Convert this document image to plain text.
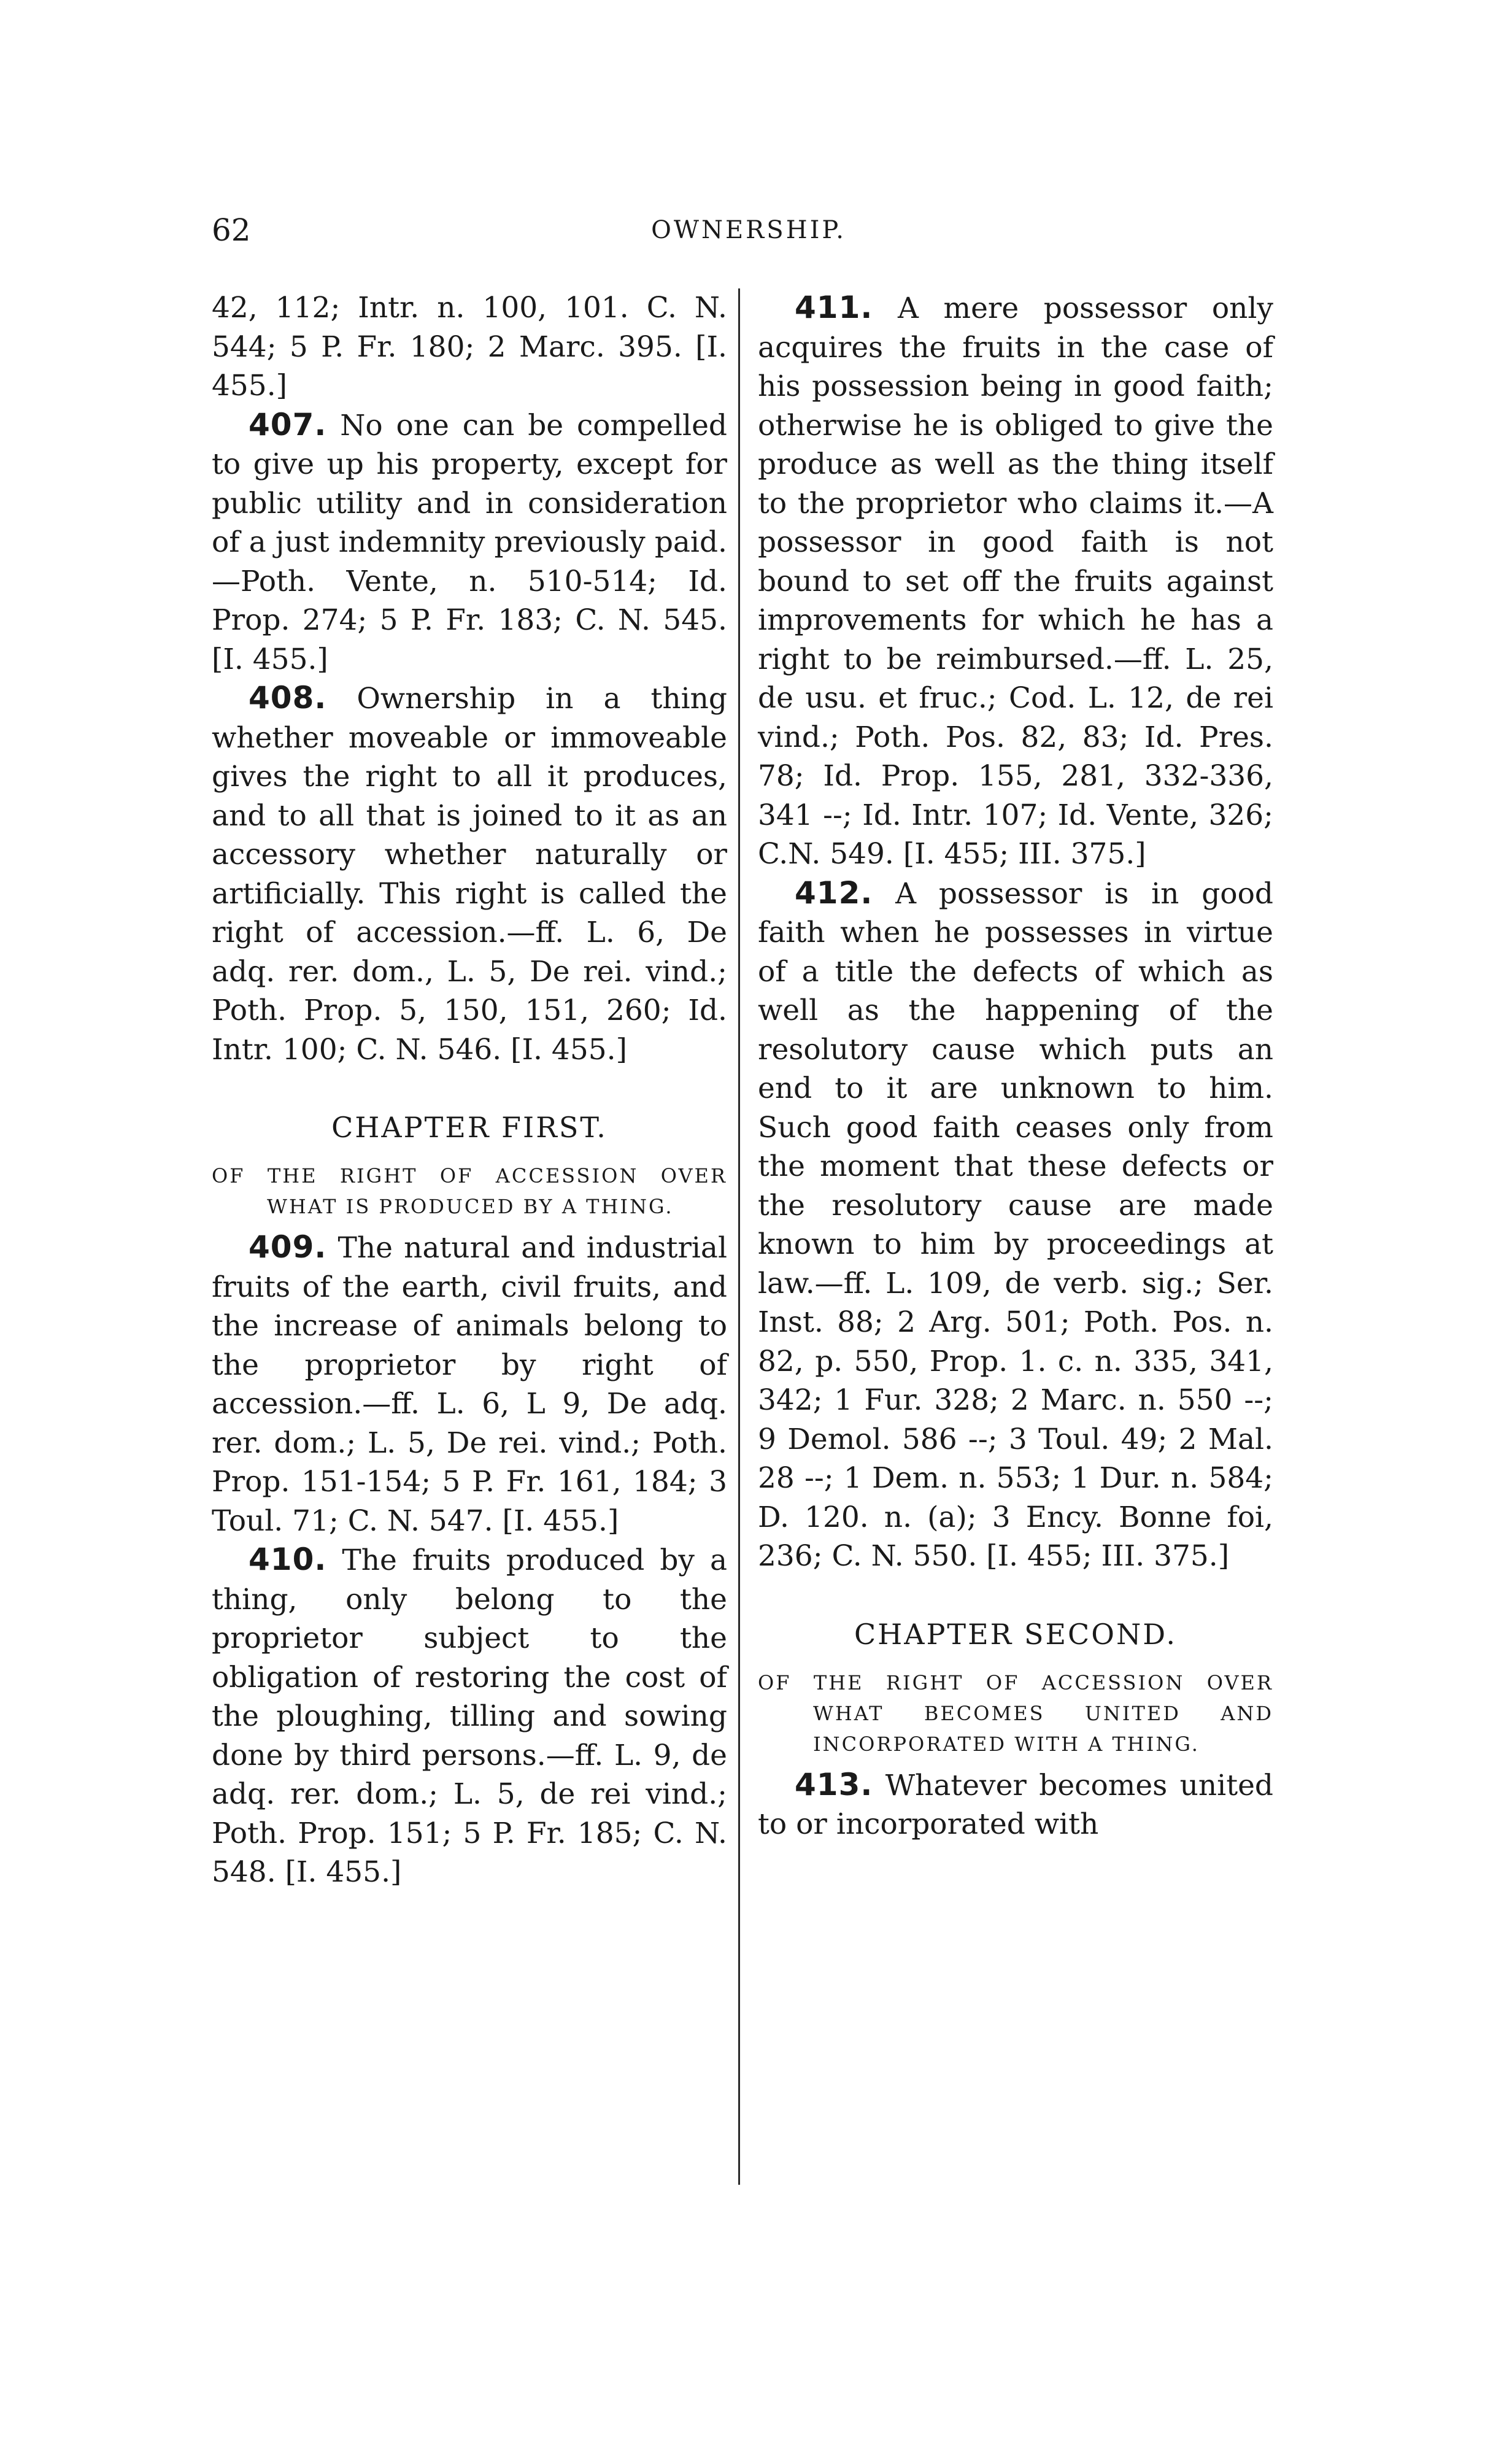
62	OWNERSHIP.

42, 112; Intr. n. 100, 101. C. N. 544; 5 P. Fr. 180; 2 Marc. 395. [I. 455.]

407. No one can be compelled to give up his property, except for public utility and in consideration of a just indemnity previously paid.—Poth. Vente, n. 510-514; Id. Prop. 274; 5 P. Fr. 183; C. N. 545. [I. 455.]

408. Ownership in a thing whether moveable or immoveable gives the right to all it produces, and to all that is joined to it as an accessory whether naturally or artificially. This right is called the right of accession.—ff. L. 6, De adq. rer. dom., L. 5, De rei. vind.; Poth. Prop. 5, 150, 151, 260; Id. Intr. 100; C. N. 546. [I. 455.]

CHAPTER FIRST.
OF THE RIGHT OF ACCESSION OVER WHAT IS PRODUCED BY A THING.

409. The natural and industrial fruits of the earth, civil fruits, and the increase of animals belong to the proprietor by right of accession.—ff. L. 6, L 9, De adq. rer. dom.; L. 5, De rei. vind.; Poth. Prop. 151-154; 5 P. Fr. 161, 184; 3 Toul. 71; C. N. 547. [I. 455.]

410. The fruits produced by a thing, only belong to the proprietor subject to the obligation of restoring the cost of the ploughing, tilling and sowing done by third persons.—ff. L. 9, de adq. rer. dom.; L. 5, de rei vind.; Poth. Prop. 151; 5 P. Fr. 185; C. N. 548. [I. 455.]

411. A mere possessor only acquires the fruits in the case of his possession being in good faith; otherwise he is obliged to give the produce as well as the thing itself to the proprietor who claims it.—A possessor in good faith is not bound to set off the fruits against improvements for which he has a right to be reimbursed.—ff. L. 25, de usu. et fruc.; Cod. L. 12, de rei vind.; Poth. Pos. 82, 83; Id. Pres. 78; Id. Prop. 155, 281, 332-336, 341 --; Id. Intr. 107; Id. Vente, 326; C.N. 549. [I. 455; III. 375.]

412. A possessor is in good faith when he possesses in virtue of a title the defects of which as well as the happening of the resolutory cause which puts an end to it are unknown to him. Such good faith ceases only from the moment that these defects or the resolutory cause are made known to him by proceedings at law.—ff. L. 109, de verb. sig.; Ser. Inst. 88; 2 Arg. 501; Poth. Pos. n. 82, p. 550, Prop. 1. c. n. 335, 341, 342; 1 Fur. 328; 2 Marc. n. 550 --; 9 Demol. 586 --; 3 Toul. 49; 2 Mal. 28 --; 1 Dem. n. 553; 1 Dur. n. 584; D. 120. n. (a); 3 Ency. Bonne foi, 236; C. N. 550. [I. 455; III. 375.]

CHAPTER SECOND.
OF THE RIGHT OF ACCESSION OVER WHAT BECOMES UNITED AND INCORPORATED WITH A THING.

413. Whatever becomes united to or incorporated with
